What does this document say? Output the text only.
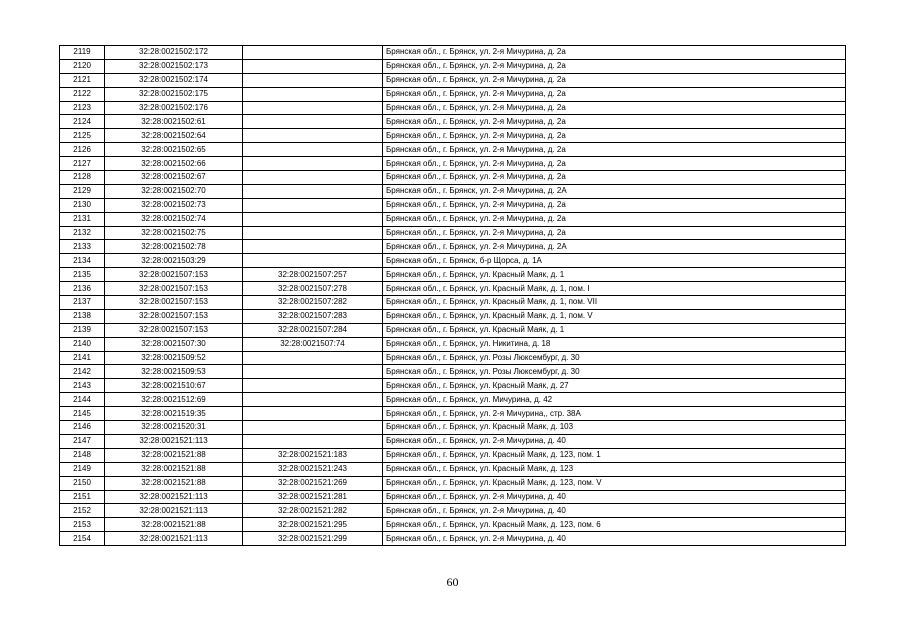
2119	32:28:0021502:172		Брянская обл., г. Брянск, ул. 2-я Мичурина, д. 2а
2120	32:28:0021502:173		Брянская обл., г. Брянск, ул. 2-я Мичурина, д. 2а
2121	32:28:0021502:174		Брянская обл., г. Брянск, ул. 2-я Мичурина, д. 2а
2122	32:28:0021502:175		Брянская обл., г. Брянск, ул. 2-я Мичурина, д. 2а
2123	32:28:0021502:176		Брянская обл., г. Брянск, ул. 2-я Мичурина, д. 2а
2124	32:28:0021502:61		Брянская обл., г. Брянск, ул. 2-я Мичурина, д. 2а
2125	32:28:0021502:64		Брянская обл., г. Брянск, ул. 2-я Мичурина, д. 2а
2126	32:28:0021502:65		Брянская обл., г. Брянск, ул. 2-я Мичурина, д. 2а
2127	32:28:0021502:66		Брянская обл., г. Брянск, ул. 2-я Мичурина, д. 2а
2128	32:28:0021502:67		Брянская обл., г. Брянск, ул. 2-я Мичурина, д. 2а
2129	32:28:0021502:70		Брянская обл., г. Брянск, ул. 2-я Мичурина, д. 2А
2130	32:28:0021502:73		Брянская обл., г. Брянск, ул. 2-я Мичурина, д. 2а
2131	32:28:0021502:74		Брянская обл., г. Брянск, ул. 2-я Мичурина, д. 2а
2132	32:28:0021502:75		Брянская обл., г. Брянск, ул. 2-я Мичурина, д. 2а
2133	32:28:0021502:78		Брянская обл., г. Брянск, ул. 2-я Мичурина, д. 2А
2134	32:28:0021503:29		Брянская обл., г. Брянск, б-р Щорса, д. 1А
2135	32:28:0021507:153	32:28:0021507:257	Брянская обл., г. Брянск, ул. Красный Маяк, д. 1
2136	32:28:0021507:153	32:28:0021507:278	Брянская обл., г. Брянск, ул. Красный Маяк, д. 1, пом. I
2137	32:28:0021507:153	32:28:0021507:282	Брянская обл., г. Брянск, ул. Красный Маяк, д. 1, пом. VII
2138	32:28:0021507:153	32:28:0021507:283	Брянская обл., г. Брянск, ул. Красный Маяк, д. 1, пом. V
2139	32:28:0021507:153	32:28:0021507:284	Брянская обл., г. Брянск, ул. Красный Маяк, д. 1
2140	32:28:0021507:30	32:28:0021507:74	Брянская обл., г. Брянск, ул. Никитина, д. 18
2141	32:28:0021509:52		Брянская обл., г. Брянск, ул. Розы Люксембург, д. 30
2142	32:28:0021509:53		Брянская обл., г. Брянск, ул. Розы Люксембург, д. 30
2143	32:28:0021510:67		Брянская обл., г. Брянск, ул. Красный Маяк, д. 27
2144	32:28:0021512:69		Брянская обл., г. Брянск, ул. Мичурина, д. 42
2145	32:28:0021519:35		Брянская обл., г. Брянск, ул. 2-я Мичурина,, стр. 38А
2146	32:28:0021520:31		Брянская обл., г. Брянск, ул. Красный Маяк, д. 103
2147	32:28:0021521:113		Брянская обл., г. Брянск, ул. 2-я Мичурина, д. 40
2148	32:28:0021521:88	32:28:0021521:183	Брянская обл., г. Брянск, ул. Красный Маяк, д. 123, пом. 1
2149	32:28:0021521:88	32:28:0021521:243	Брянская обл., г. Брянск, ул. Красный Маяк, д. 123
2150	32:28:0021521:88	32:28:0021521:269	Брянская обл., г. Брянск, ул. Красный Маяк, д. 123, пом. V
2151	32:28:0021521:113	32:28:0021521:281	Брянская обл., г. Брянск, ул. 2-я Мичурина, д. 40
2152	32:28:0021521:113	32:28:0021521:282	Брянская обл., г. Брянск, ул. 2-я Мичурина, д. 40
2153	32:28:0021521:88	32:28:0021521:295	Брянская обл., г. Брянск, ул. Красный Маяк, д. 123, пом. 6
2154	32:28:0021521:113	32:28:0021521:299	Брянская обл., г. Брянск, ул. 2-я Мичурина, д. 40
60
